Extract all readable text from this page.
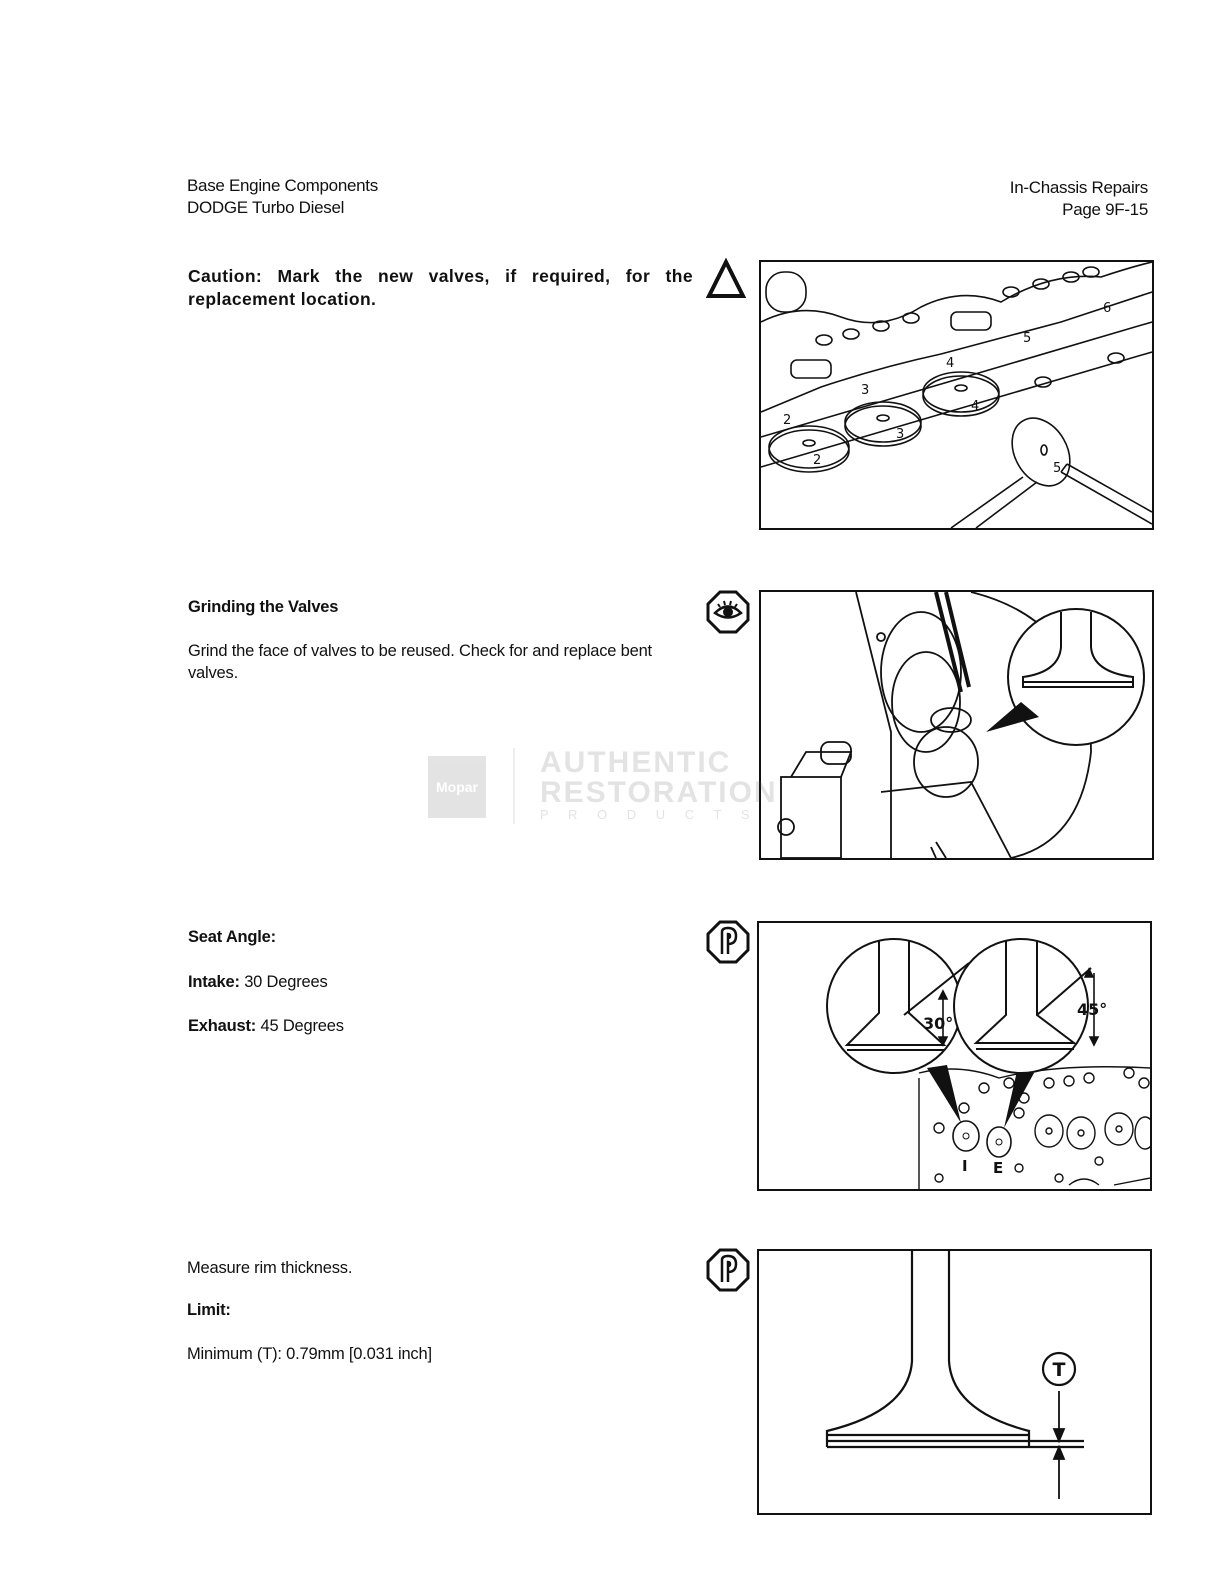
Base Engine Components
DODGE Turbo Diesel
In-Chassis Repairs
Page 9F-15
Caution: Mark the new valves, if required, for the replacement location.
2
2
3
3
4
4
5
5
6
Grinding the Valves
Grind the face of valves to be reused. Check for and replace bent valves.
Seat Angle:
Intake: 30 Degrees
Exhaust: 45 Degrees	30°
45°
I E
Measure rim thickness.
Limit:
Minimum (T): 0.79mm [0.031 inch]
T
Mopar
AUTHENTIC
RESTORATION
P R O D U C T S
